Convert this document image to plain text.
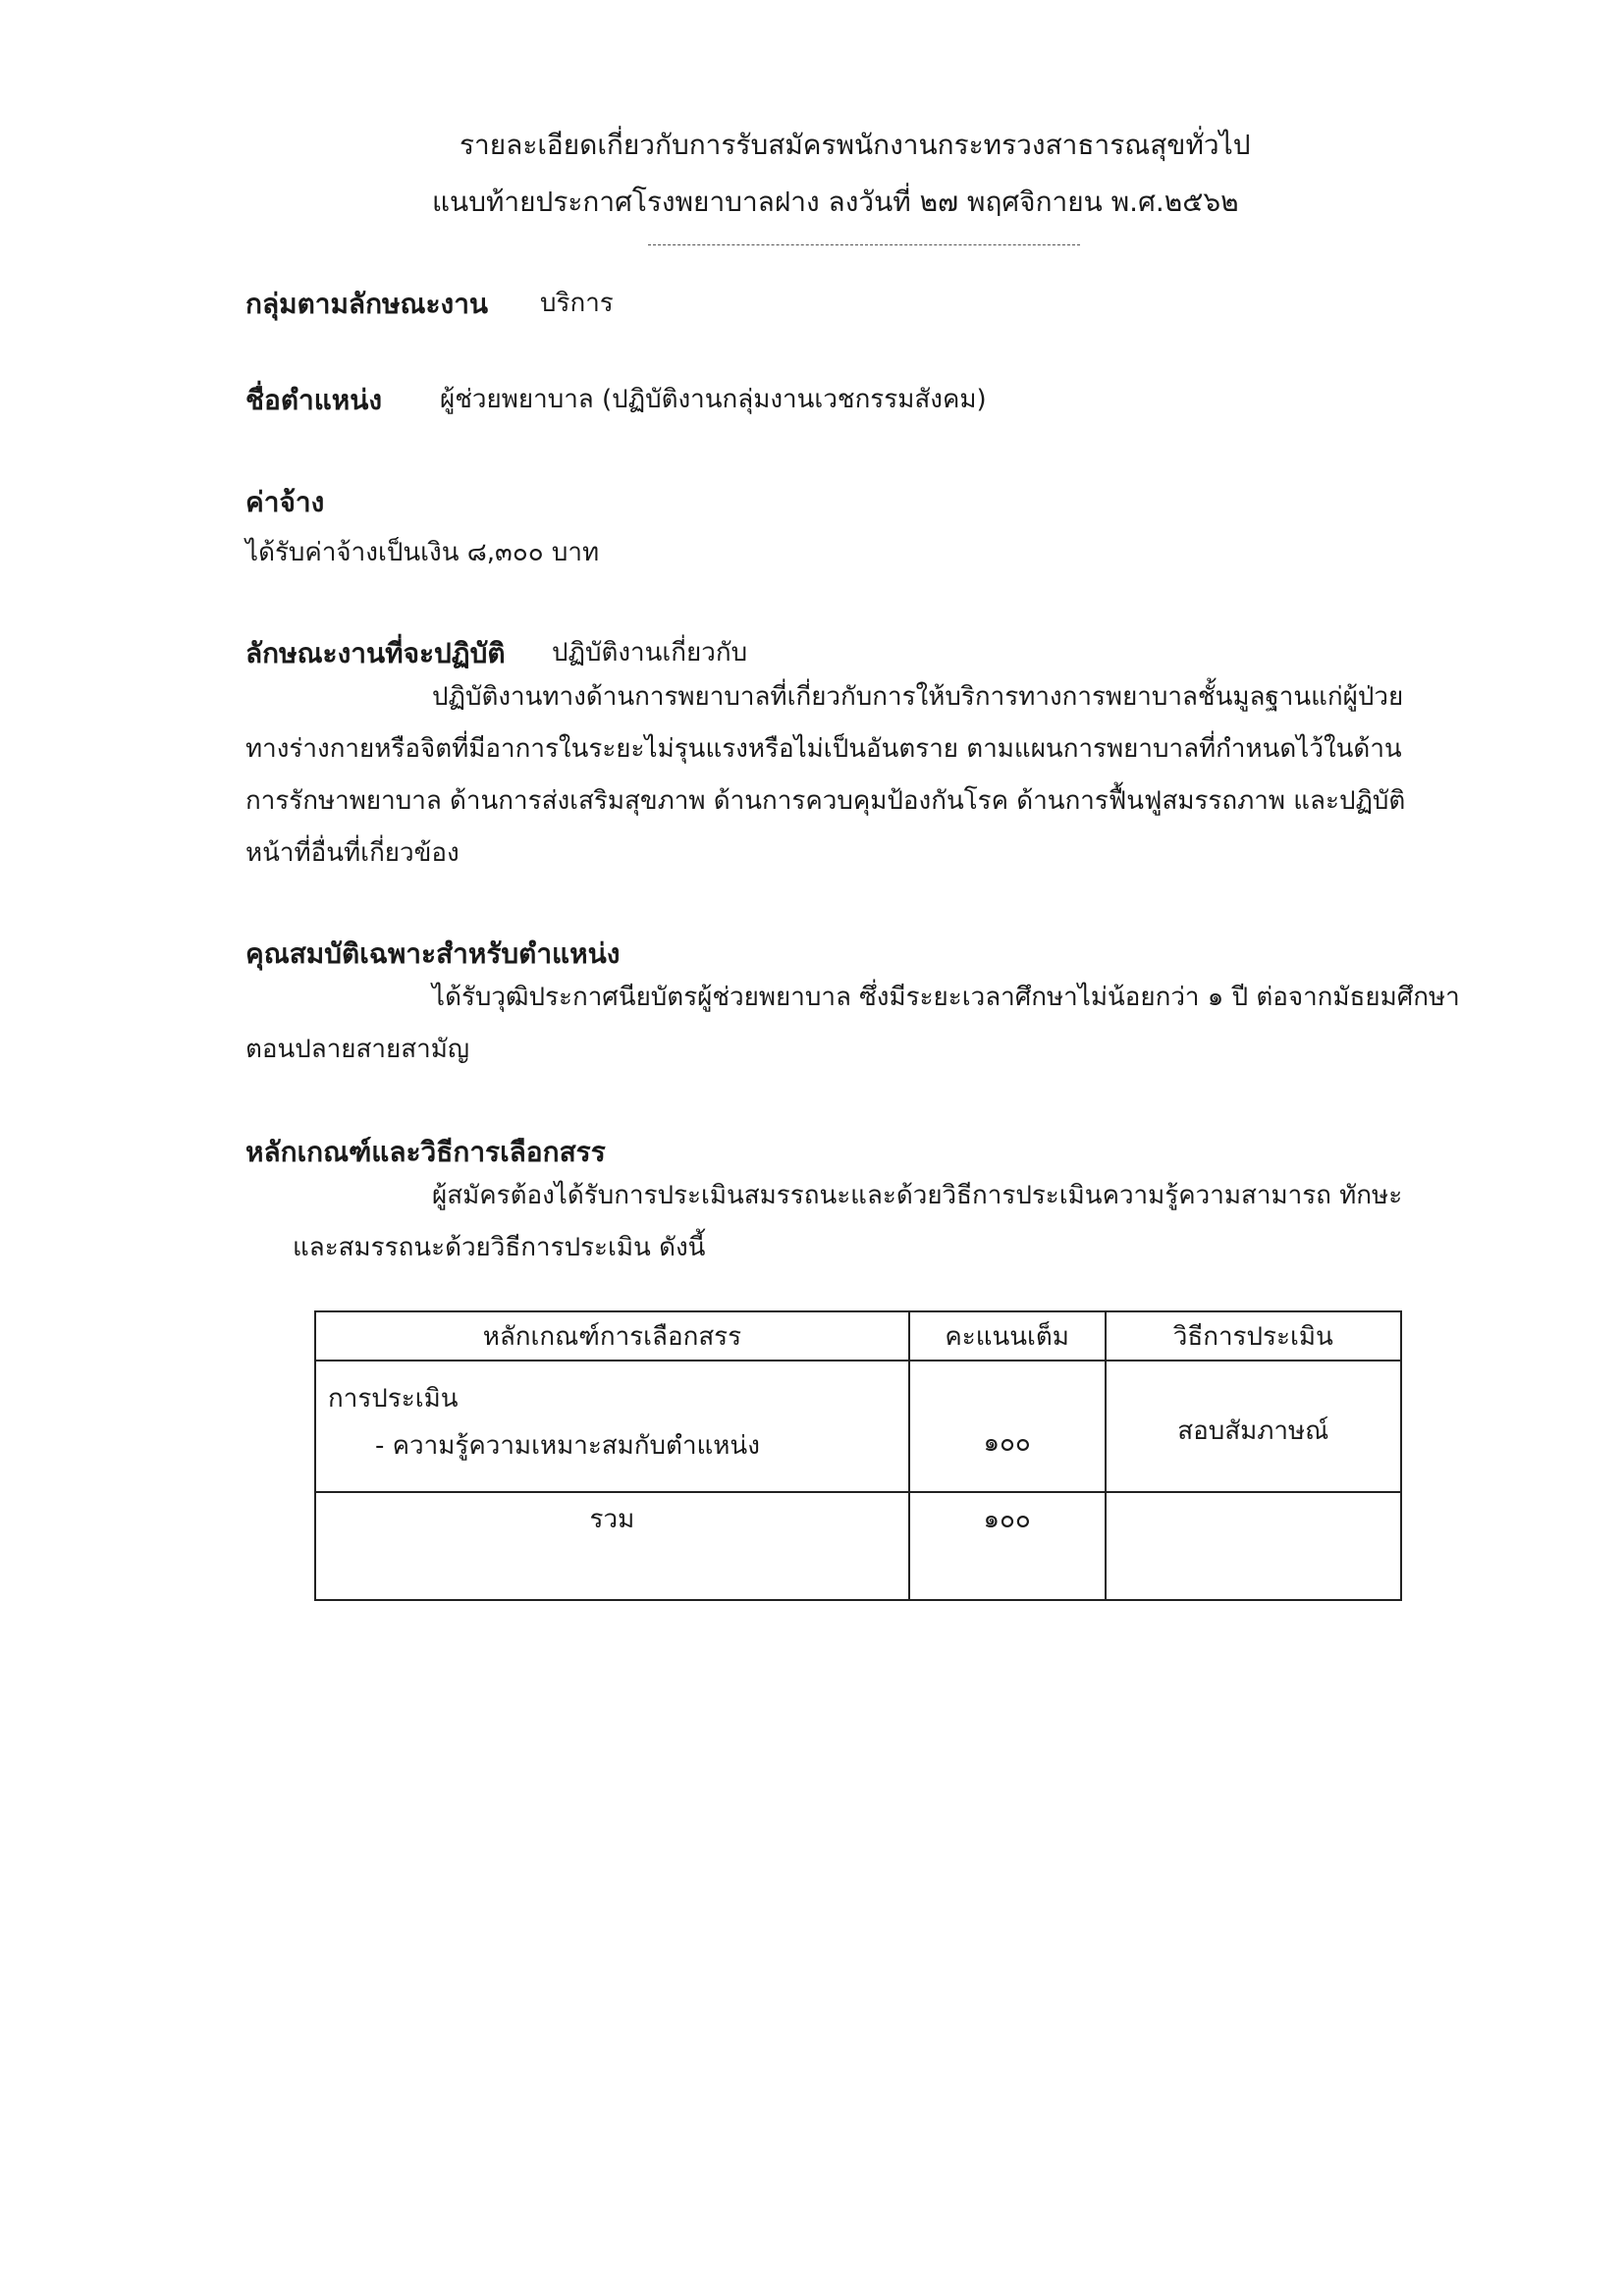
รายละเอียดเกี่ยวกับการรับสมัครพนักงานกระทรวงสาธารณสุขทั่วไป
แนบท้ายประกาศโรงพยาบาลฝาง ลงวันที่ ๒๗ พฤศจิกายน พ.ศ.๒๕๖๒
กลุ่มตามลักษณะงาน บริการ
ชื่อตำแหน่ง ผู้ช่วยพยาบาล (ปฏิบัติงานกลุ่มงานเวชกรรมสังคม)
ค่าจ้าง
ได้รับค่าจ้างเป็นเงิน ๘,๓๐๐ บาท
ลักษณะงานที่จะปฏิบัติ ปฏิบัติงานเกี่ยวกับ

ปฏิบัติงานทางด้านการพยาบาลที่เกี่ยวกับการให้บริการทางการพยาบาลชั้นมูลฐานแก่ผู้ป่วย

ทางร่างกายหรือจิตที่มีอาการในระยะไม่รุนแรงหรือไม่เป็นอันตราย ตามแผนการพยาบาลที่กำหนดไว้ในด้าน

การรักษาพยาบาล ด้านการส่งเสริมสุขภาพ ด้านการควบคุมป้องกันโรค ด้านการฟื้นฟูสมรรถภาพ และปฏิบัติ

หน้าที่อื่นที่เกี่ยวข้อง

คุณสมบัติเฉพาะสำหรับตำแหน่ง

ได้รับวุฒิประกาศนียบัตรผู้ช่วยพยาบาล ซึ่งมีระยะเวลาศึกษาไม่น้อยกว่า ๑ ปี ต่อจากมัธยมศึกษา

ตอนปลายสายสามัญ

หลักเกณฑ์และวิธีการเลือกสรร

ผู้สมัครต้องได้รับการประเมินสมรรถนะและด้วยวิธีการประเมินความรู้ความสามารถ ทักษะ

และสมรรถนะด้วยวิธีการประเมิน ดังนี้

หลักเกณฑ์การเลือกสรร	คะแนนเต็ม	วิธีการประเมิน

การประเมิน
- ความรู้ความเหมาะสมกับตำแหน่ง	๑๐๐	สอบสัมภาษณ์
รวม	๑๐๐	
